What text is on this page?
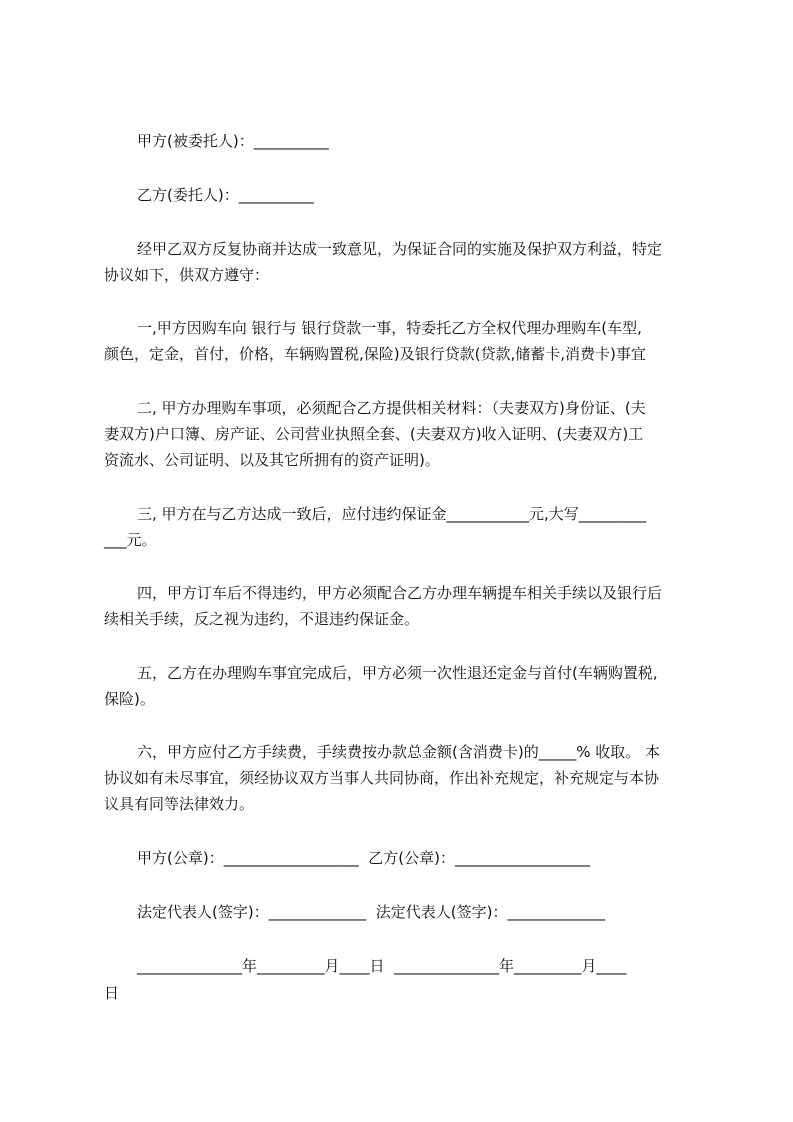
甲方(被委托人)：__________
乙方(委托人)：__________
经甲乙双方反复协商并达成一致意见，为保证合同的实施及保护双方利益，特定
协议如下，供双方遵守：
一,甲方因购车向 银行与 银行贷款一事，特委托乙方全权代理办理购车(车型,
颜色，定金，首付，价格，车辆购置税,保险)及银行贷款(贷款,储蓄卡,消费卡)事宜
二, 甲方办理购车事项，必须配合乙方提供相关材料：（夫妻双方)身份证、(夫
妻双方)户口簿、房产证、公司营业执照全套、(夫妻双方)收入证明、(夫妻双方)工
资流水、公司证明、以及其它所拥有的资产证明)。
三, 甲方在与乙方达成一致后，应付违约保证金___________元,大写_________
___元。
四，甲方订车后不得违约，甲方必须配合乙方办理车辆提车相关手续以及银行后
续相关手续，反之视为违约，不退违约保证金。
五，乙方在办理购车事宜完成后，甲方必须一次性退还定金与首付(车辆购置税,
保险)。
六，甲方应付乙方手续费，手续费按办款总金额(含消费卡)的_____% 收取。 本
协议如有未尽事宜，须经协议双方当事人共同协商，作出补充规定，补充规定与本协
议具有同等法律效力。
甲方(公章)：__________________  乙方(公章)：__________________
法定代表人(签字)：_____________  法定代表人(签字)：_____________
______________年_________月____日  ______________年_________月____
日
